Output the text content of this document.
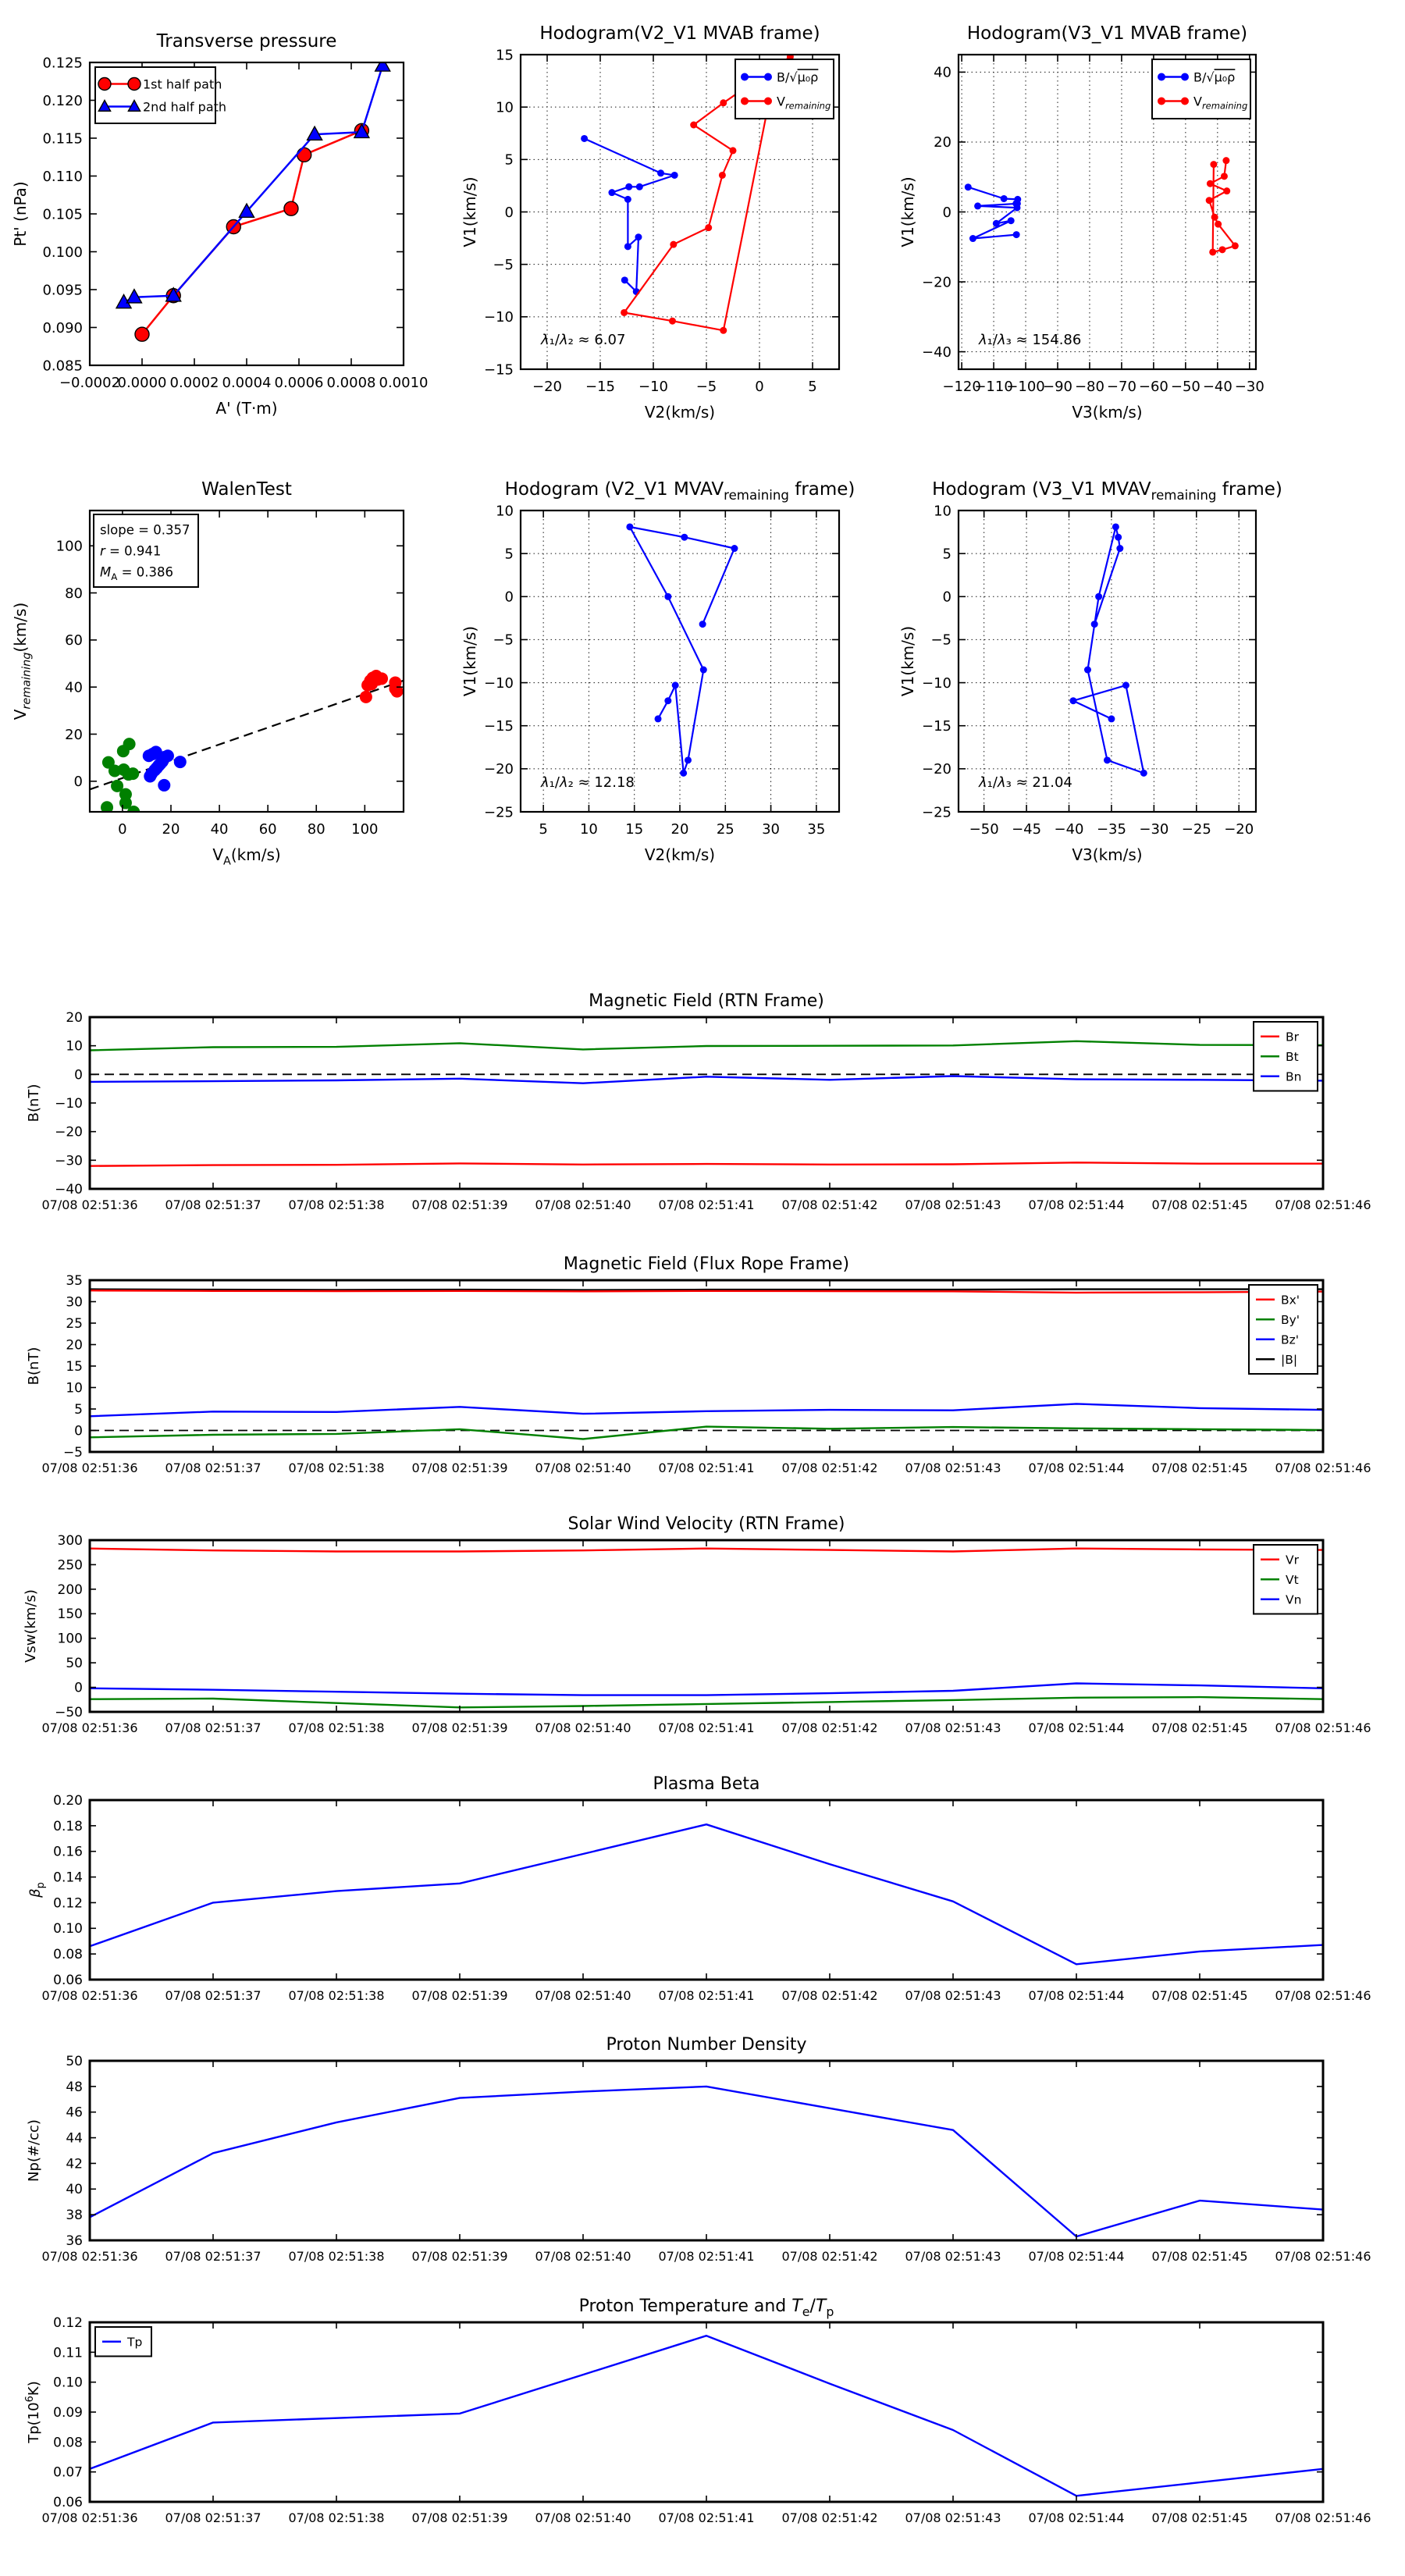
−0.0002
0.0000 0.0002 0.0004 0.0006 0.0008 0.0010
0.085
0.090
0.095
0.100
0.105
0.110
0.115
0.120
0.125
Transverse pressure
A' (T·m)
Pt' (nPa)
1st half path
2nd half path
−20 −15 −10 −5	0	5
−15
−10
−5
0
5
10
15
Hodogram(V2_V1 MVAB frame)
V2(km/s)
V1(km/s)
B/√μ₀ρ
$V_{remaining}$
λ₁/λ₂ ≈ 6.07
−120
−110
−100
−90 −80 −70 −60 −50 −40 −30
−40
−20
0
20
40
Hodogram(V3_V1 MVAB frame)
V3(km/s)
V1(km/s)
B/√μ₀ρ
$V_{remaining}$
λ₁/λ₃ ≈ 154.86
0 20 40 60 80 100
0
20
40
60
80
100
WalenTest
$V_A(km/s)$
$V_{remaining}(km/s)$
slope = 0.357
r = 0.941
$M_A = 0.386$
5 10 15 20 25 30 35
−25
−20
−15
−10
−5
0
5
10
Hodogram (V2_V1 $MVAV_{remaining}$ frame)
V2(km/s)
V1(km/s)
λ₁/λ₂ ≈ 12.18
−50 −45 −40 −35 −30 −25 −20
−25
−20
−15
−10
−5
0
5
10
Hodogram (V3_V1 $MVAV_{remaining}$ frame)
V3(km/s)
V1(km/s)
λ₁/λ₃ ≈ 21.04
07/08 02:51:36 07/08 02:51:37 07/08 02:51:38 07/08 02:51:39 07/08 02:51:40 07/08 02:51:41 07/08 02:51:42 07/08 02:51:43 07/08 02:51:44 07/08 02:51:45 07/08 02:51:46
−40
−30
−20
−10
0
10
20
Magnetic Field (RTN Frame)
B(nT)
Br
Bt
Bn
07/08 02:51:36 07/08 02:51:37 07/08 02:51:38 07/08 02:51:39 07/08 02:51:40 07/08 02:51:41 07/08 02:51:42 07/08 02:51:43 07/08 02:51:44 07/08 02:51:45 07/08 02:51:46
−5
0
5
10
15
20
25
30
35
Magnetic Field (Flux Rope Frame)
B(nT)
Bx'
By'
Bz'
|B|
07/08 02:51:36 07/08 02:51:37 07/08 02:51:38 07/08 02:51:39 07/08 02:51:40 07/08 02:51:41 07/08 02:51:42 07/08 02:51:43 07/08 02:51:44 07/08 02:51:45 07/08 02:51:46
−50
0
50
100
150
200
250
300
Solar Wind Velocity (RTN Frame)
Vsw(km/s)
Vr
Vt
Vn
07/08 02:51:36 07/08 02:51:37 07/08 02:51:38 07/08 02:51:39 07/08 02:51:40 07/08 02:51:41 07/08 02:51:42 07/08 02:51:43 07/08 02:51:44 07/08 02:51:45 07/08 02:51:46
0.06
0.08
0.10
0.12
0.14
0.16
0.18
0.20
Plasma Beta
$\beta_p$
07/08 02:51:36 07/08 02:51:37 07/08 02:51:38 07/08 02:51:39 07/08 02:51:40 07/08 02:51:41 07/08 02:51:42 07/08 02:51:43 07/08 02:51:44 07/08 02:51:45 07/08 02:51:46
36
38
40
42
44
46
48
50
Proton Number Density
Np(#/cc)
07/08 02:51:36 07/08 02:51:37 07/08 02:51:38 07/08 02:51:39 07/08 02:51:40 07/08 02:51:41 07/08 02:51:42 07/08 02:51:43 07/08 02:51:44 07/08 02:51:45 07/08 02:51:46
0.06
0.07
0.08
0.09
0.10
0.11
0.12
Proton Temperature and $T_e/T_p$
$Tp(10^6K)$
Tp
